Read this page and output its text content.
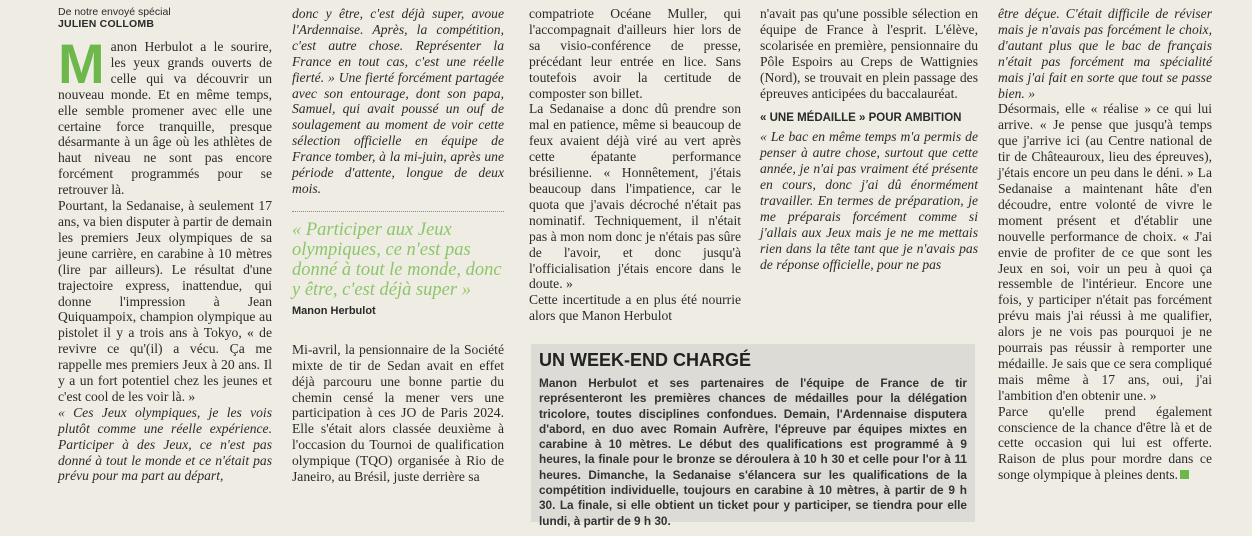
De notre envoyé spécial

JULIEN COLLOMB

Manon Herbulot a le sourire, les yeux grands ouverts de celle qui va découvrir un nouveau monde. Et en même temps, elle semble promener avec elle une certaine force tranquille, presque désarmante à un âge où les athlètes de haut niveau ne sont pas encore forcément programmés pour se retrouver là.

Pourtant, la Sedanaise, à seulement 17 ans, va bien disputer à partir de demain les premiers Jeux olympiques de sa jeune carrière, en carabine à 10 mètres (lire par ailleurs). Le résultat d'une trajectoire express, inattendue, qui donne l'impression à Jean Quiquampoix, champion olympique au pistolet il y a trois ans à Tokyo, « de revivre ce qu'(il) a vécu. Ça me rappelle mes premiers Jeux à 20 ans. Il y a un fort potentiel chez les jeunes et c'est cool de les voir là. »

« Ces Jeux olympiques, je les vois plutôt comme une réelle expérience. Participer à des Jeux, ce n'est pas donné à tout le monde et ce n'était pas prévu pour ma part au départ,

donc y être, c'est déjà super, avoue l'Ardennaise. Après, la compétition, c'est autre chose. Représenter la France en tout cas, c'est une réelle fierté. » Une fierté forcément partagée avec son entourage, dont son papa, Samuel, qui avait poussé un ouf de soulagement au moment de voir cette sélection officielle en équipe de France tomber, à la mi-juin, après une période d'attente, longue de deux mois.

« Participer aux Jeux olympiques, ce n'est pas donné à tout le monde, donc y être, c'est déjà super »
Manon Herbulot

Mi-avril, la pensionnaire de la Société mixte de tir de Sedan avait en effet déjà parcouru une bonne partie du chemin censé la mener vers une participation à ces JO de Paris 2024. Elle s'était alors classée deuxième à l'occasion du Tournoi de qualification olympique (TQO) organisée à Rio de Janeiro, au Brésil, juste derrière sa

compatriote Océane Muller, qui l'accompagnait d'ailleurs hier lors de sa visio-conférence de presse, précédant leur entrée en lice. Sans toutefois avoir la certitude de composter son billet.

La Sedanaise a donc dû prendre son mal en patience, même si beaucoup de feux avaient déjà viré au vert après cette épatante performance brésilienne. « Honnêtement, j'étais beaucoup dans l'impatience, car le quota que j'avais décroché n'était pas nominatif. Techniquement, il n'était pas à mon nom donc je n'étais pas sûre de l'avoir, et donc jusqu'à l'officialisation j'étais encore dans le doute. »

Cette incertitude a en plus été nourrie alors que Manon Herbulot

n'avait pas qu'une possible sélection en équipe de France à l'esprit. L'élève, scolarisée en première, pensionnaire du Pôle Espoirs au Creps de Wattignies (Nord), se trouvait en plein passage des épreuves anticipées du baccalauréat.

« UNE MÉDAILLE » POUR AMBITION

« Le bac en même temps m'a permis de penser à autre chose, surtout que cette année, je n'ai pas vraiment été présente en cours, donc j'ai dû énormément travailler. En termes de préparation, je me préparais forcément comme si j'allais aux Jeux mais je ne me mettais rien dans la tête tant que je n'avais pas de réponse officielle, pour ne pas

être déçue. C'était difficile de réviser mais je n'avais pas forcément le choix, d'autant plus que le bac de français n'était pas forcément ma spécialité mais j'ai fait en sorte que tout se passe bien. »

Désormais, elle « réalise » ce qui lui arrive. « Je pense que jusqu'à temps que j'arrive ici (au Centre national de tir de Châteauroux, lieu des épreuves), j'étais encore un peu dans le déni. » La Sedanaise a maintenant hâte d'en découdre, entre volonté de vivre le moment présent et d'établir une nouvelle performance de choix. « J'ai envie de profiter de ce que sont les Jeux en soi, voir un peu à quoi ça ressemble de l'intérieur. Encore une fois, y participer n'était pas forcément prévu mais j'ai réussi à me qualifier, alors je ne vois pas pourquoi je ne pourrais pas réussir à remporter une médaille. Je sais que ce sera compliqué mais même à 17 ans, oui, j'ai l'ambition d'en obtenir une. »

Parce qu'elle prend également conscience de la chance d'être là et de cette occasion qui lui est offerte. Raison de plus pour mordre dans ce songe olympique à pleines dents.

UN WEEK-END CHARGÉ
Manon Herbulot et ses partenaires de l'équipe de France de tir représenteront les premières chances de médailles pour la délégation tricolore, toutes disciplines confondues. Demain, l'Ardennaise disputera d'abord, en duo avec Romain Aufrère, l'épreuve par équipes mixtes en carabine à 10 mètres. Le début des qualifications est programmé à 9 heures, la finale pour le bronze se déroulera à 10 h 30 et celle pour l'or à 11 heures. Dimanche, la Sedanaise s'élancera sur les qualifications de la compétition individuelle, toujours en carabine à 10 mètres, à partir de 9 h 30. La finale, si elle obtient un ticket pour y participer, se tiendra pour elle lundi, à partir de 9 h 30.
